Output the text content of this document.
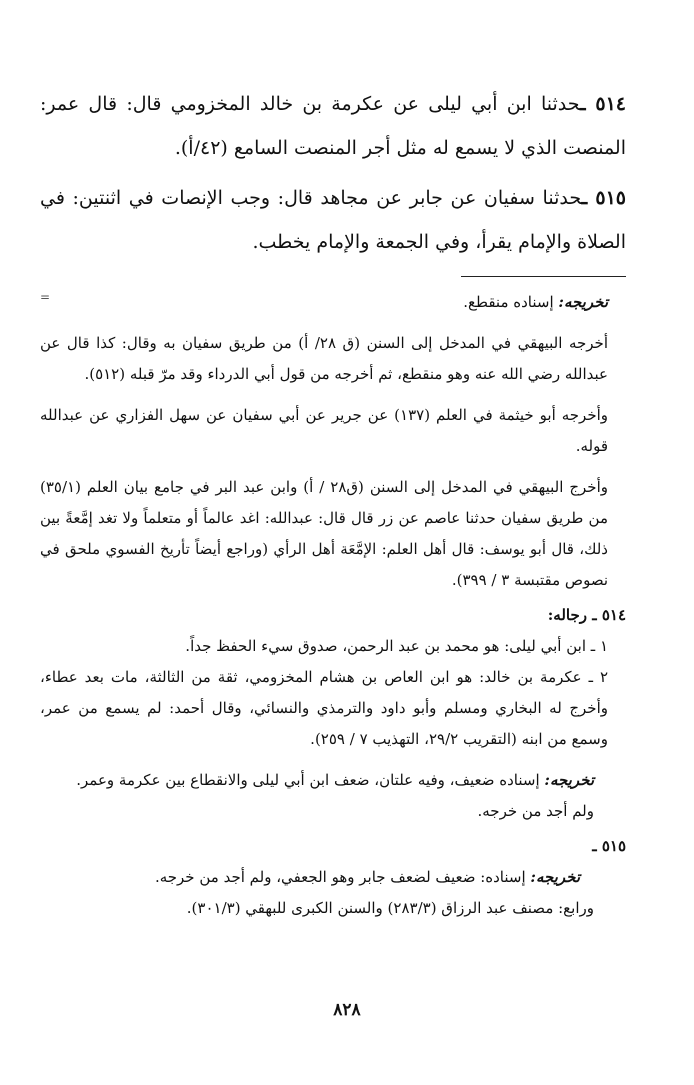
٥١٤ ـحدثنا ابن أبي ليلى عن عكرمة بن خالد المخزومي قال: قال عمر: المنصت الذي لا يسمع له مثل أجر المنصت السامع (٤٢/أ).

٥١٥ ـحدثنا سفيان عن جابر عن مجاهد قال: وجب الإنصات في اثنتين: في الصلاة والإمام يقرأ، وفي الجمعة والإمام يخطب.

تخريجه: إسناده منقطع.

أخرجه البيهقي في المدخل إلى السنن (ق ٢٨/ أ) من طريق سفيان به وقال: كذا قال عن عبدالله رضي الله عنه وهو منقطع، ثم أخرجه من قول أبي الدرداء وقد مرّ قبله (٥١٢).

وأخرجه أبو خيثمة في العلم (١٣٧) عن جرير عن أبي سفيان عن سهل الفزاري عن عبدالله قوله.

وأخرج البيهقي في المدخل إلى السنن (ق٢٨ / أ) وابن عبد البر في جامع بيان العلم (٣٥/١) من طريق سفيان حدثنا عاصم عن زر قال قال: عبدالله: اغد عالماً أو متعلماً ولا تغد إمَّعةً بين ذلك، قال أبو يوسف: قال أهل العلم: الإمَّعَة أهل الرأي (وراجع أيضاً تأريخ الفسوي ملحق في نصوص مقتبسة ٣ / ٣٩٩).

٥١٤ ـ رجاله:

١ ـ ابن أبي ليلى: هو محمد بن عبد الرحمن، صدوق سيء الحفظ جداً.

٢ ـ عكرمة بن خالد: هو ابن العاص بن هشام المخزومي، ثقة من الثالثة، مات بعد عطاء، وأخرج له البخاري ومسلم وأبو داود والترمذي والنسائي، وقال أحمد: لم يسمع من عمر، وسمع من ابنه (التقريب ٢٩/٢، التهذيب ٧ / ٢٥٩).

تخريجه: إسناده ضعيف، وفيه علتان، ضعف ابن أبي ليلى والانقطاع بين عكرمة وعمر.

ولم أجد من خرجه.

٥١٥ ـ

تخريجه: إسناده: ضعيف لضعف جابر وهو الجعفي، ولم أجد من خرجه.

ورابع: مصنف عبد الرزاق (٢٨٣/٣) والسنن الكبرى للبهقي (٣٠١/٣).

=
٨٢٨
